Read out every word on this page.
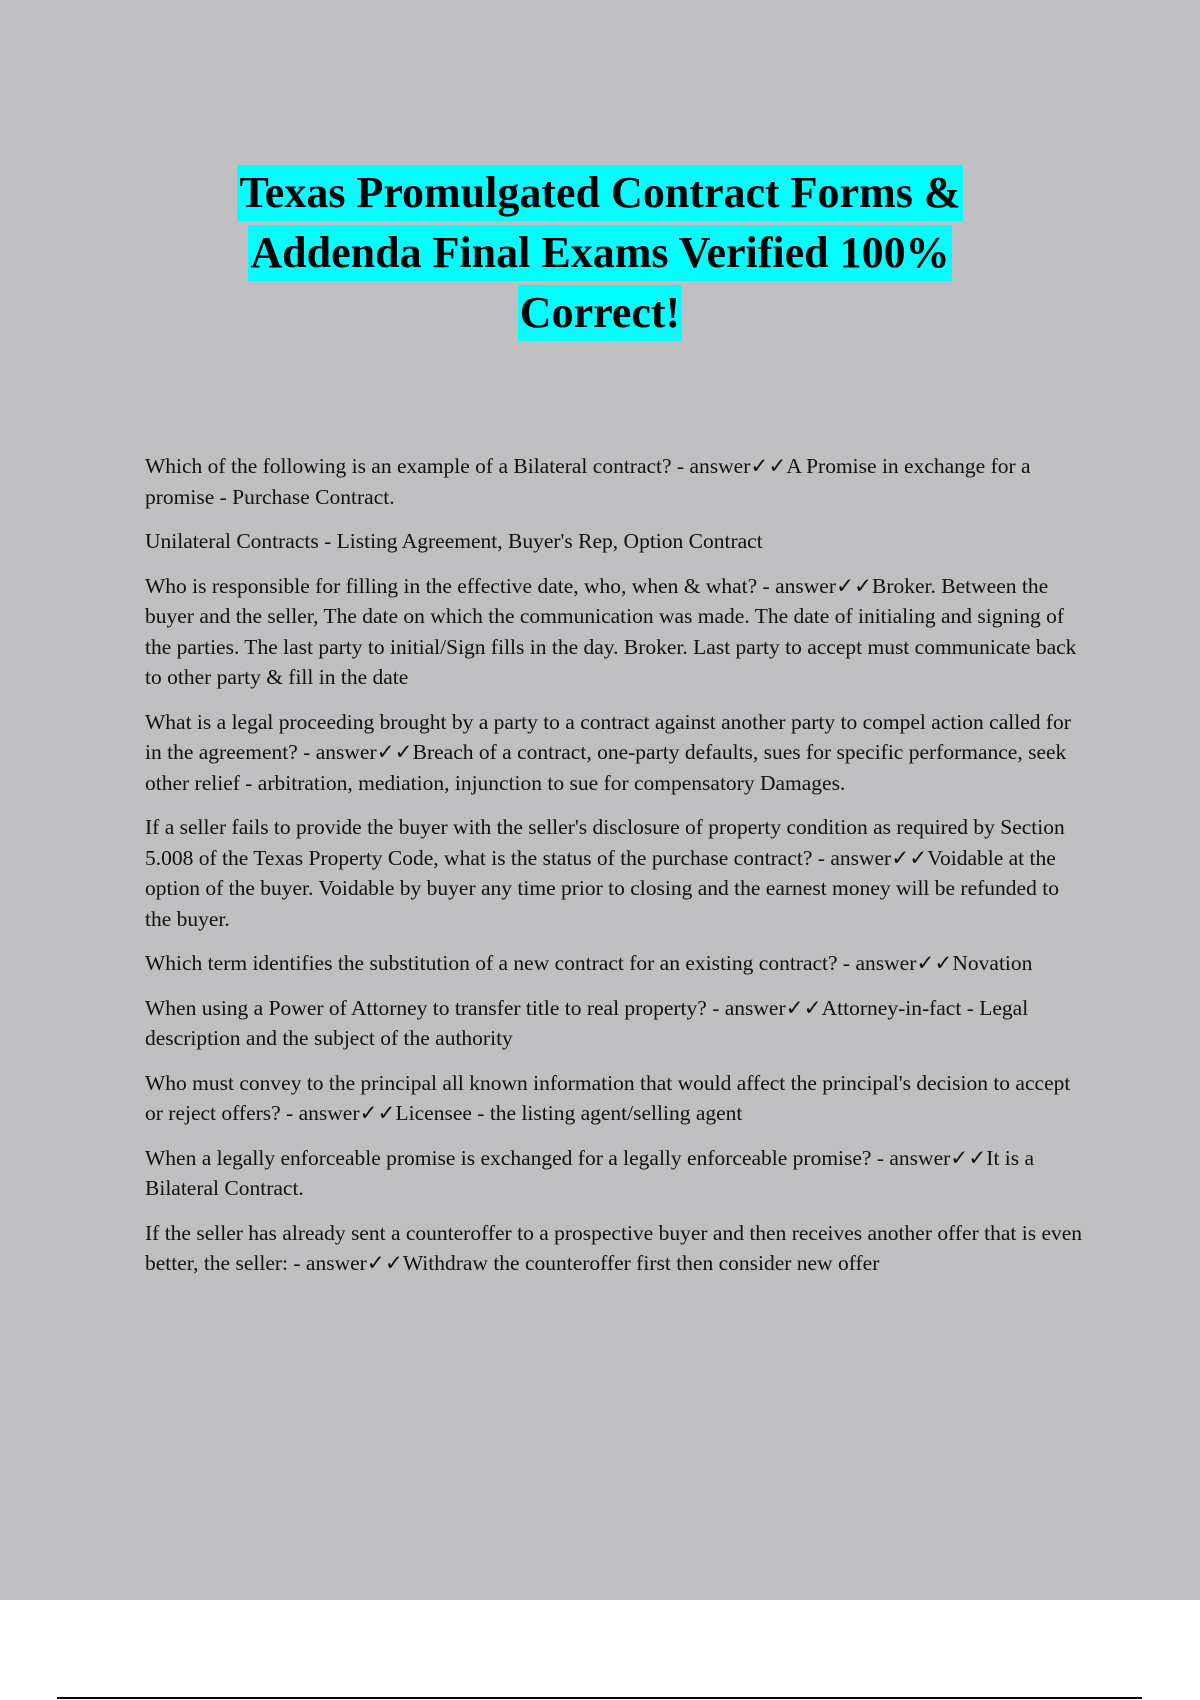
Texas Promulgated Contract Forms &
Addenda Final Exams Verified 100%
Correct!

Which of the following is an example of a Bilateral contract? - answer✓✓A Promise in exchange for a promise - Purchase Contract.

Unilateral Contracts - Listing Agreement, Buyer's Rep, Option Contract

Who is responsible for filling in the effective date, who, when & what? - answer✓✓Broker. Between the buyer and the seller, The date on which the communication was made. The date of initialing and signing of the parties. The last party to initial/Sign fills in the day. Broker. Last party to accept must communicate back to other party & fill in the date

What is a legal proceeding brought by a party to a contract against another party to compel action called for in the agreement? - answer✓✓Breach of a contract, one-party defaults, sues for specific performance, seek other relief - arbitration, mediation, injunction to sue for compensatory Damages.

If a seller fails to provide the buyer with the seller's disclosure of property condition as required by Section 5.008 of the Texas Property Code, what is the status of the purchase contract? - answer✓✓Voidable at the option of the buyer. Voidable by buyer any time prior to closing and the earnest money will be refunded to the buyer.

Which term identifies the substitution of a new contract for an existing contract? - answer✓✓Novation

When using a Power of Attorney to transfer title to real property? - answer✓✓Attorney-in-fact - Legal description and the subject of the authority

Who must convey to the principal all known information that would affect the principal's decision to accept or reject offers? - answer✓✓Licensee - the listing agent/selling agent

When a legally enforceable promise is exchanged for a legally enforceable promise? - answer✓✓It is a Bilateral Contract.

If the seller has already sent a counteroffer to a prospective buyer and then receives another offer that is even better, the seller: - answer✓✓Withdraw the counteroffer first then consider new offer
